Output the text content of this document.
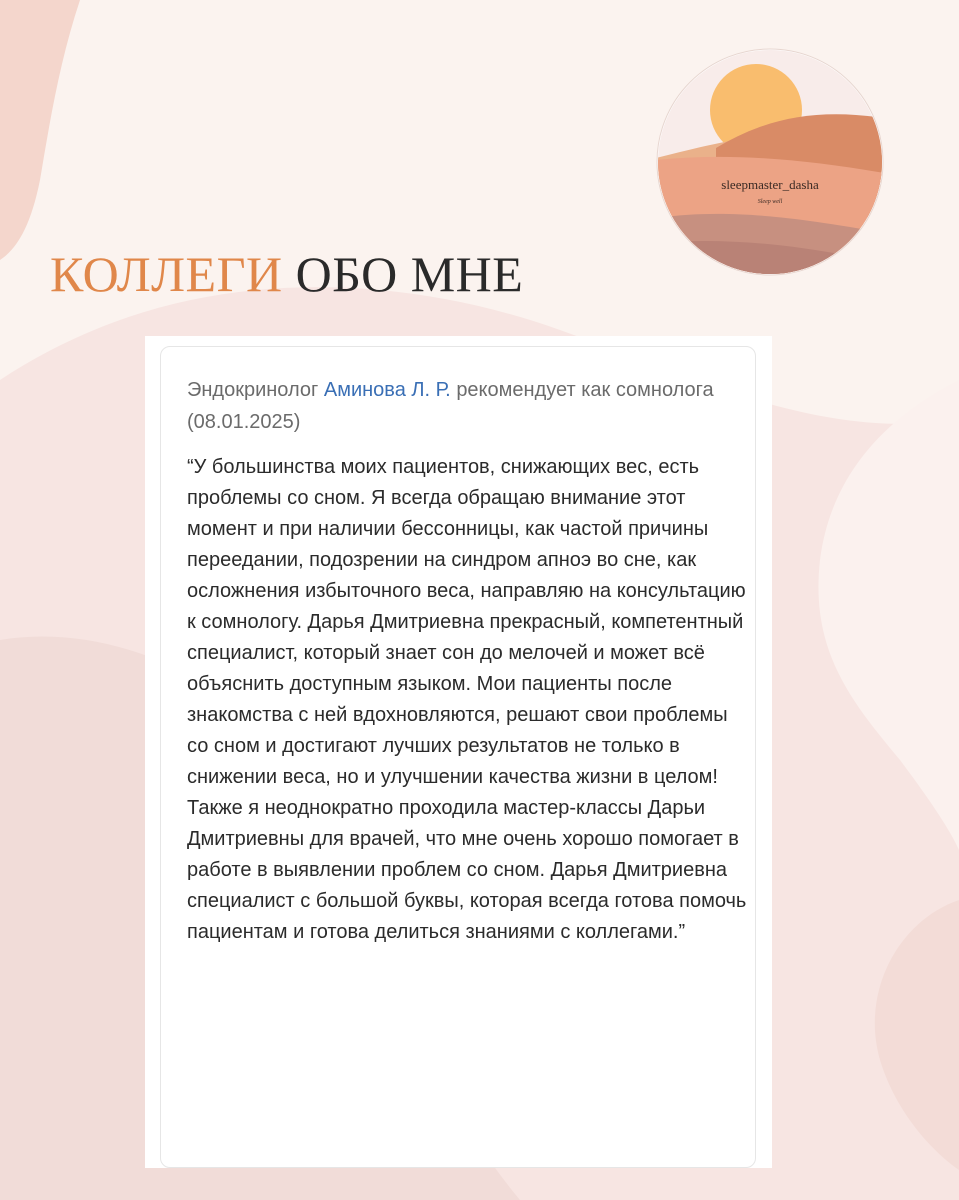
КОЛЛЕГИ ОБО МНЕ
sleepmaster_dasha
Sleep well
Эндокринолог Аминова Л. Р. рекомендует как сомнолога (08.01.2025)
“У большинства моих пациентов, снижающих вес, есть проблемы со сном. Я всегда обращаю внимание этот момент и при наличии бессонницы, как частой причины переедании, подозрении на синдром апноэ во сне, как осложнения избыточного веса, направляю на консультацию к сомнологу. Дарья Дмитриевна прекрасный, компетентный специалист, который знает сон до мелочей и может всё объяснить доступным языком. Мои пациенты после знакомства с ней вдохновляются, решают свои проблемы со сном и достигают лучших результатов не только в снижении веса, но и улучшении качества жизни в целом! Также я неоднократно проходила мастер-классы Дарьи Дмитриевны для врачей, что мне очень хорошо помогает в работе в выявлении проблем со сном. Дарья Дмитриевна специалист с большой буквы, которая всегда готова помочь пациентам и готова делиться знаниями с коллегами.”
